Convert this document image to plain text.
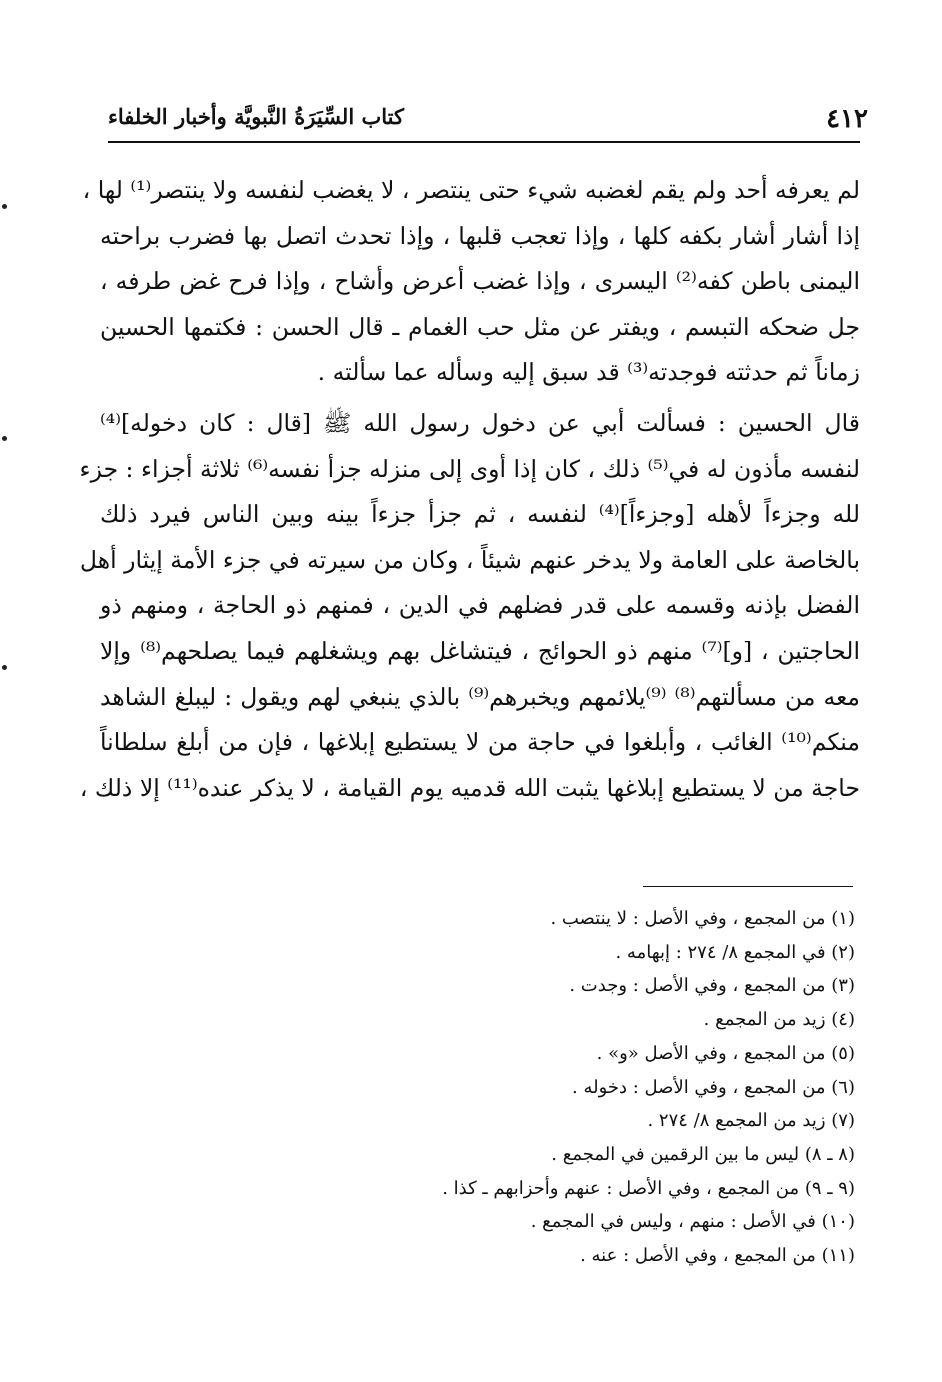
٤١٢
كتاب السِّيَرَةُ النَّبويَّة وأخبار الخلفاء
لم يعرفه أحد ولم يقم لغضبه شيء حتى ينتصر ، لا يغضب لنفسه ولا ينتصر⁽¹⁾ لها ،
إذا أشار أشار بكفه كلها ، وإذا تعجب قلبها ، وإذا تحدث اتصل بها فضرب براحته
اليمنى باطن كفه⁽²⁾ اليسرى ، وإذا غضب أعرض وأشاح ، وإذا فرح غض طرفه ،
جل ضحكه التبسم ، ويفتر عن مثل حب الغمام ـ قال الحسن : فكتمها الحسين
زماناً ثم حدثته فوجدته⁽³⁾ قد سبق إليه وسأله عما سألته .
قال الحسين : فسألت أبي عن دخول رسول الله ﷺ [قال : كان دخوله]⁽⁴⁾
لنفسه مأذون له في⁽⁵⁾ ذلك ، كان إذا أوى إلى منزله جزأ نفسه⁽⁶⁾ ثلاثة أجزاء : جزء
لله وجزءاً لأهله [وجزءاً]⁽⁴⁾ لنفسه ، ثم جزأ جزءاً بينه وبين الناس فيرد ذلك
بالخاصة على العامة ولا يدخر عنهم شيئاً ، وكان من سيرته في جزء الأمة إيثار أهل
الفضل بإذنه وقسمه على قدر فضلهم في الدين ، فمنهم ذو الحاجة ، ومنهم ذو
الحاجتين ، [و]⁽⁷⁾ منهم ذو الحوائج ، فيتشاغل بهم ويشغلهم فيما يصلحهم⁽⁸⁾ وإلا
معه من مسألتهم⁽⁸⁾ ⁽⁹⁾يلائمهم ويخبرهم⁽⁹⁾ بالذي ينبغي لهم ويقول : ليبلغ الشاهد
منكم⁽¹⁰⁾ الغائب ، وأبلغوا في حاجة من لا يستطيع إبلاغها ، فإن من أبلغ سلطاناً
حاجة من لا يستطيع إبلاغها يثبت الله قدميه يوم القيامة ، لا يذكر عنده⁽¹¹⁾ إلا ذلك ،
(١) من المجمع ، وفي الأصل : لا ينتصب .
(٢) في المجمع ٨/ ٢٧٤ : إبهامه .
(٣) من المجمع ، وفي الأصل : وجدت .
(٤) زيد من المجمع .
(٥) من المجمع ، وفي الأصل «و» .
(٦) من المجمع ، وفي الأصل : دخوله .
(٧) زيد من المجمع ٨/ ٢٧٤ .
(٨ ـ ٨) ليس ما بين الرقمين في المجمع .
(٩ ـ ٩) من المجمع ، وفي الأصل : عنهم وأحزابهم ـ كذا .
(١٠) في الأصل : منهم ، وليس في المجمع .
(١١) من المجمع ، وفي الأصل : عنه .
